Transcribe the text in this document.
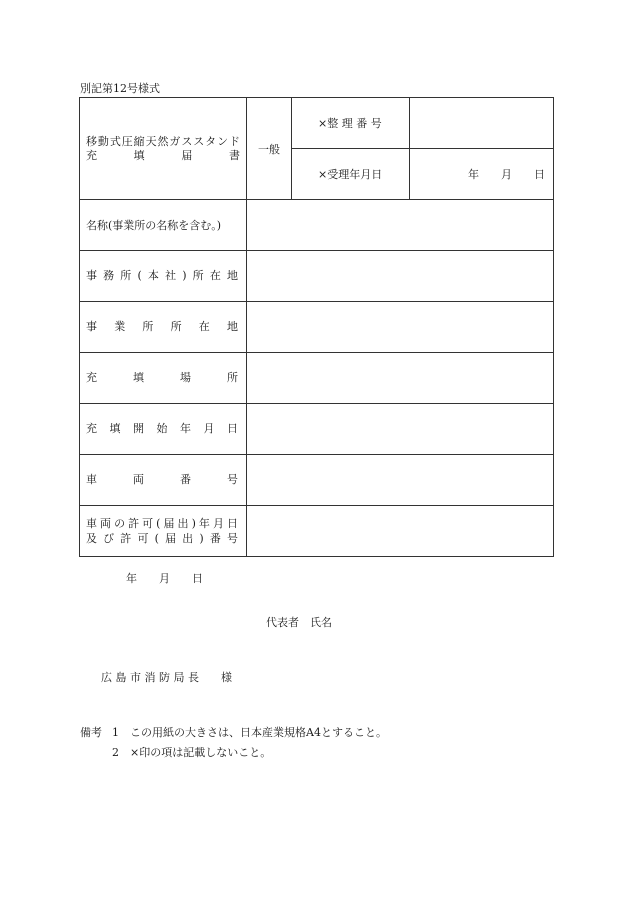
別記第12号様式
移動式圧縮天然ガススタンド
充填届書	一般	×整 理 番 号	
		×受理年月日	年　　月　　日
名称(事業所の名称を含む。)			

事務所(本社)所在地			

事業所所在地			

充填場所			

充填開始年月日			

車両番号			

車両の許可(届出)年月日
及び許可(届出)番号			

年　　月　　日
代表者　氏名
広 島 市 消 防 局 長　　様
備考 1　この用紙の大きさは、日本産業規格A4とすること。
2　×印の項は記載しないこと。
